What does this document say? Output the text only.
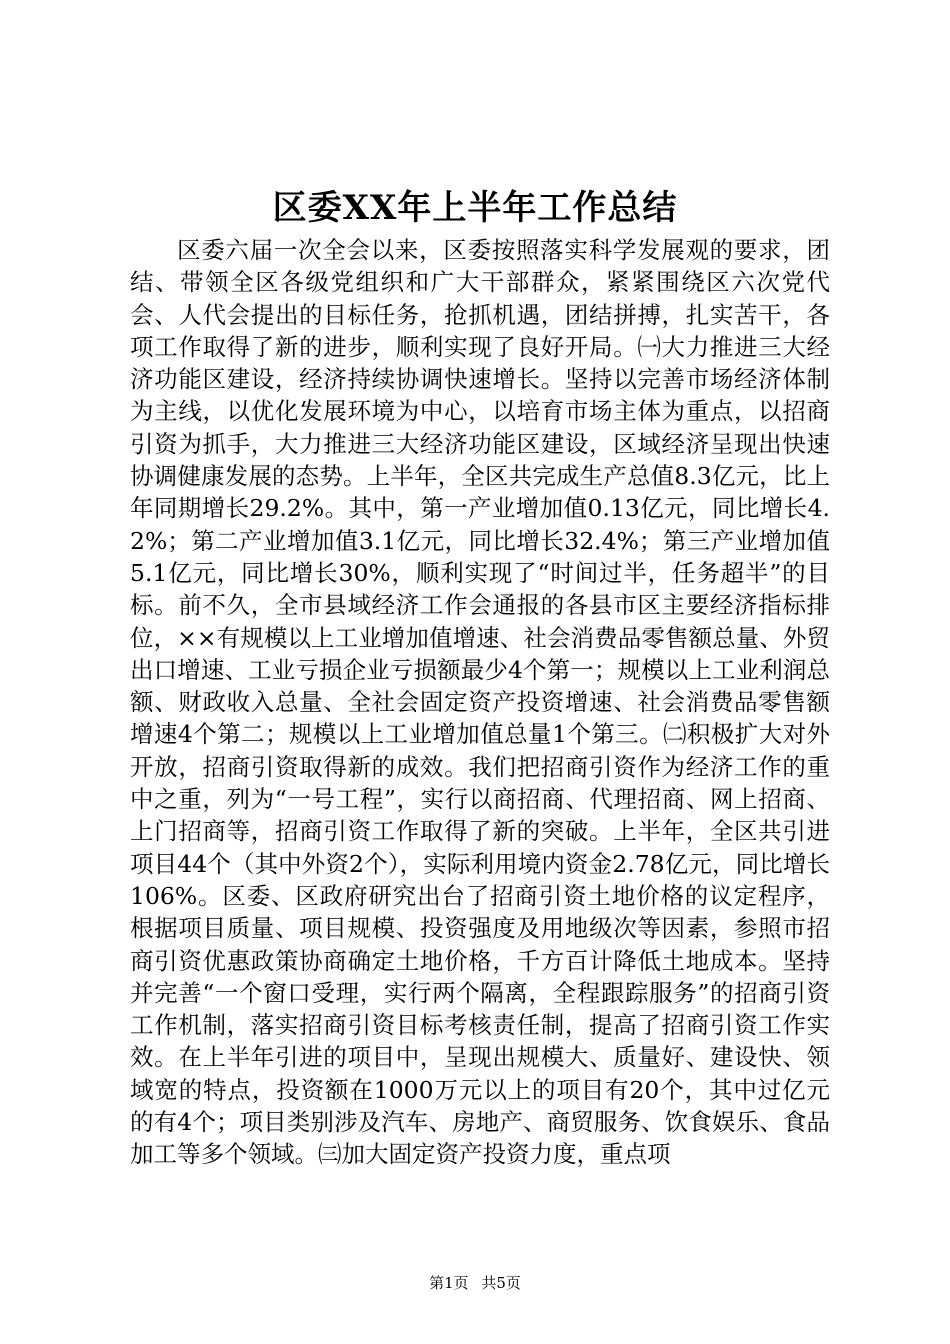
区委XX年上半年工作总结

区委六届一次全会以来，区委按照落实科学发展观的要求，团结、带领全区各级党组织和广大干部群众，紧紧围绕区六次党代会、人代会提出的目标任务，抢抓机遇，团结拼搏，扎实苦干，各项工作取得了新的进步，顺利实现了良好开局。㈠大力推进三大经济功能区建设，经济持续协调快速增长。坚持以完善市场经济体制为主线，以优化发展环境为中心，以培育市场主体为重点，以招商引资为抓手，大力推进三大经济功能区建设，区域经济呈现出快速协调健康发展的态势。上半年，全区共完成生产总值8.3亿元，比上年同期增长29.2%。其中，第一产业增加值0.13亿元，同比增长4.2%；第二产业增加值3.1亿元，同比增长32.4%；第三产业增加值5.1亿元，同比增长30%，顺利实现了“时间过半，任务超半”的目标。前不久，全市县域经济工作会通报的各县市区主要经济指标排位，××有规模以上工业增加值增速、社会消费品零售额总量、外贸出口增速、工业亏损企业亏损额最少4个第一；规模以上工业利润总额、财政收入总量、全社会固定资产投资增速、社会消费品零售额增速4个第二；规模以上工业增加值总量1个第三。㈡积极扩大对外开放，招商引资取得新的成效。我们把招商引资作为经济工作的重中之重，列为“一号工程”，实行以商招商、代理招商、网上招商、上门招商等，招商引资工作取得了新的突破。上半年，全区共引进项目44个（其中外资2个），实际利用境内资金2.78亿元，同比增长106%。区委、区政府研究出台了招商引资土地价格的议定程序，根据项目质量、项目规模、投资强度及用地级次等因素，参照市招商引资优惠政策协商确定土地价格，千方百计降低土地成本。坚持并完善“一个窗口受理，实行两个隔离，全程跟踪服务”的招商引资工作机制，落实招商引资目标考核责任制，提高了招商引资工作实效。在上半年引进的项目中，呈现出规模大、质量好、建设快、领域宽的特点，投资额在1000万元以上的项目有20个，其中过亿元的有4个；项目类别涉及汽车、房地产、商贸服务、饮食娱乐、食品加工等多个领域。㈢加大固定资产投资力度，重点项

第1页 共5页
